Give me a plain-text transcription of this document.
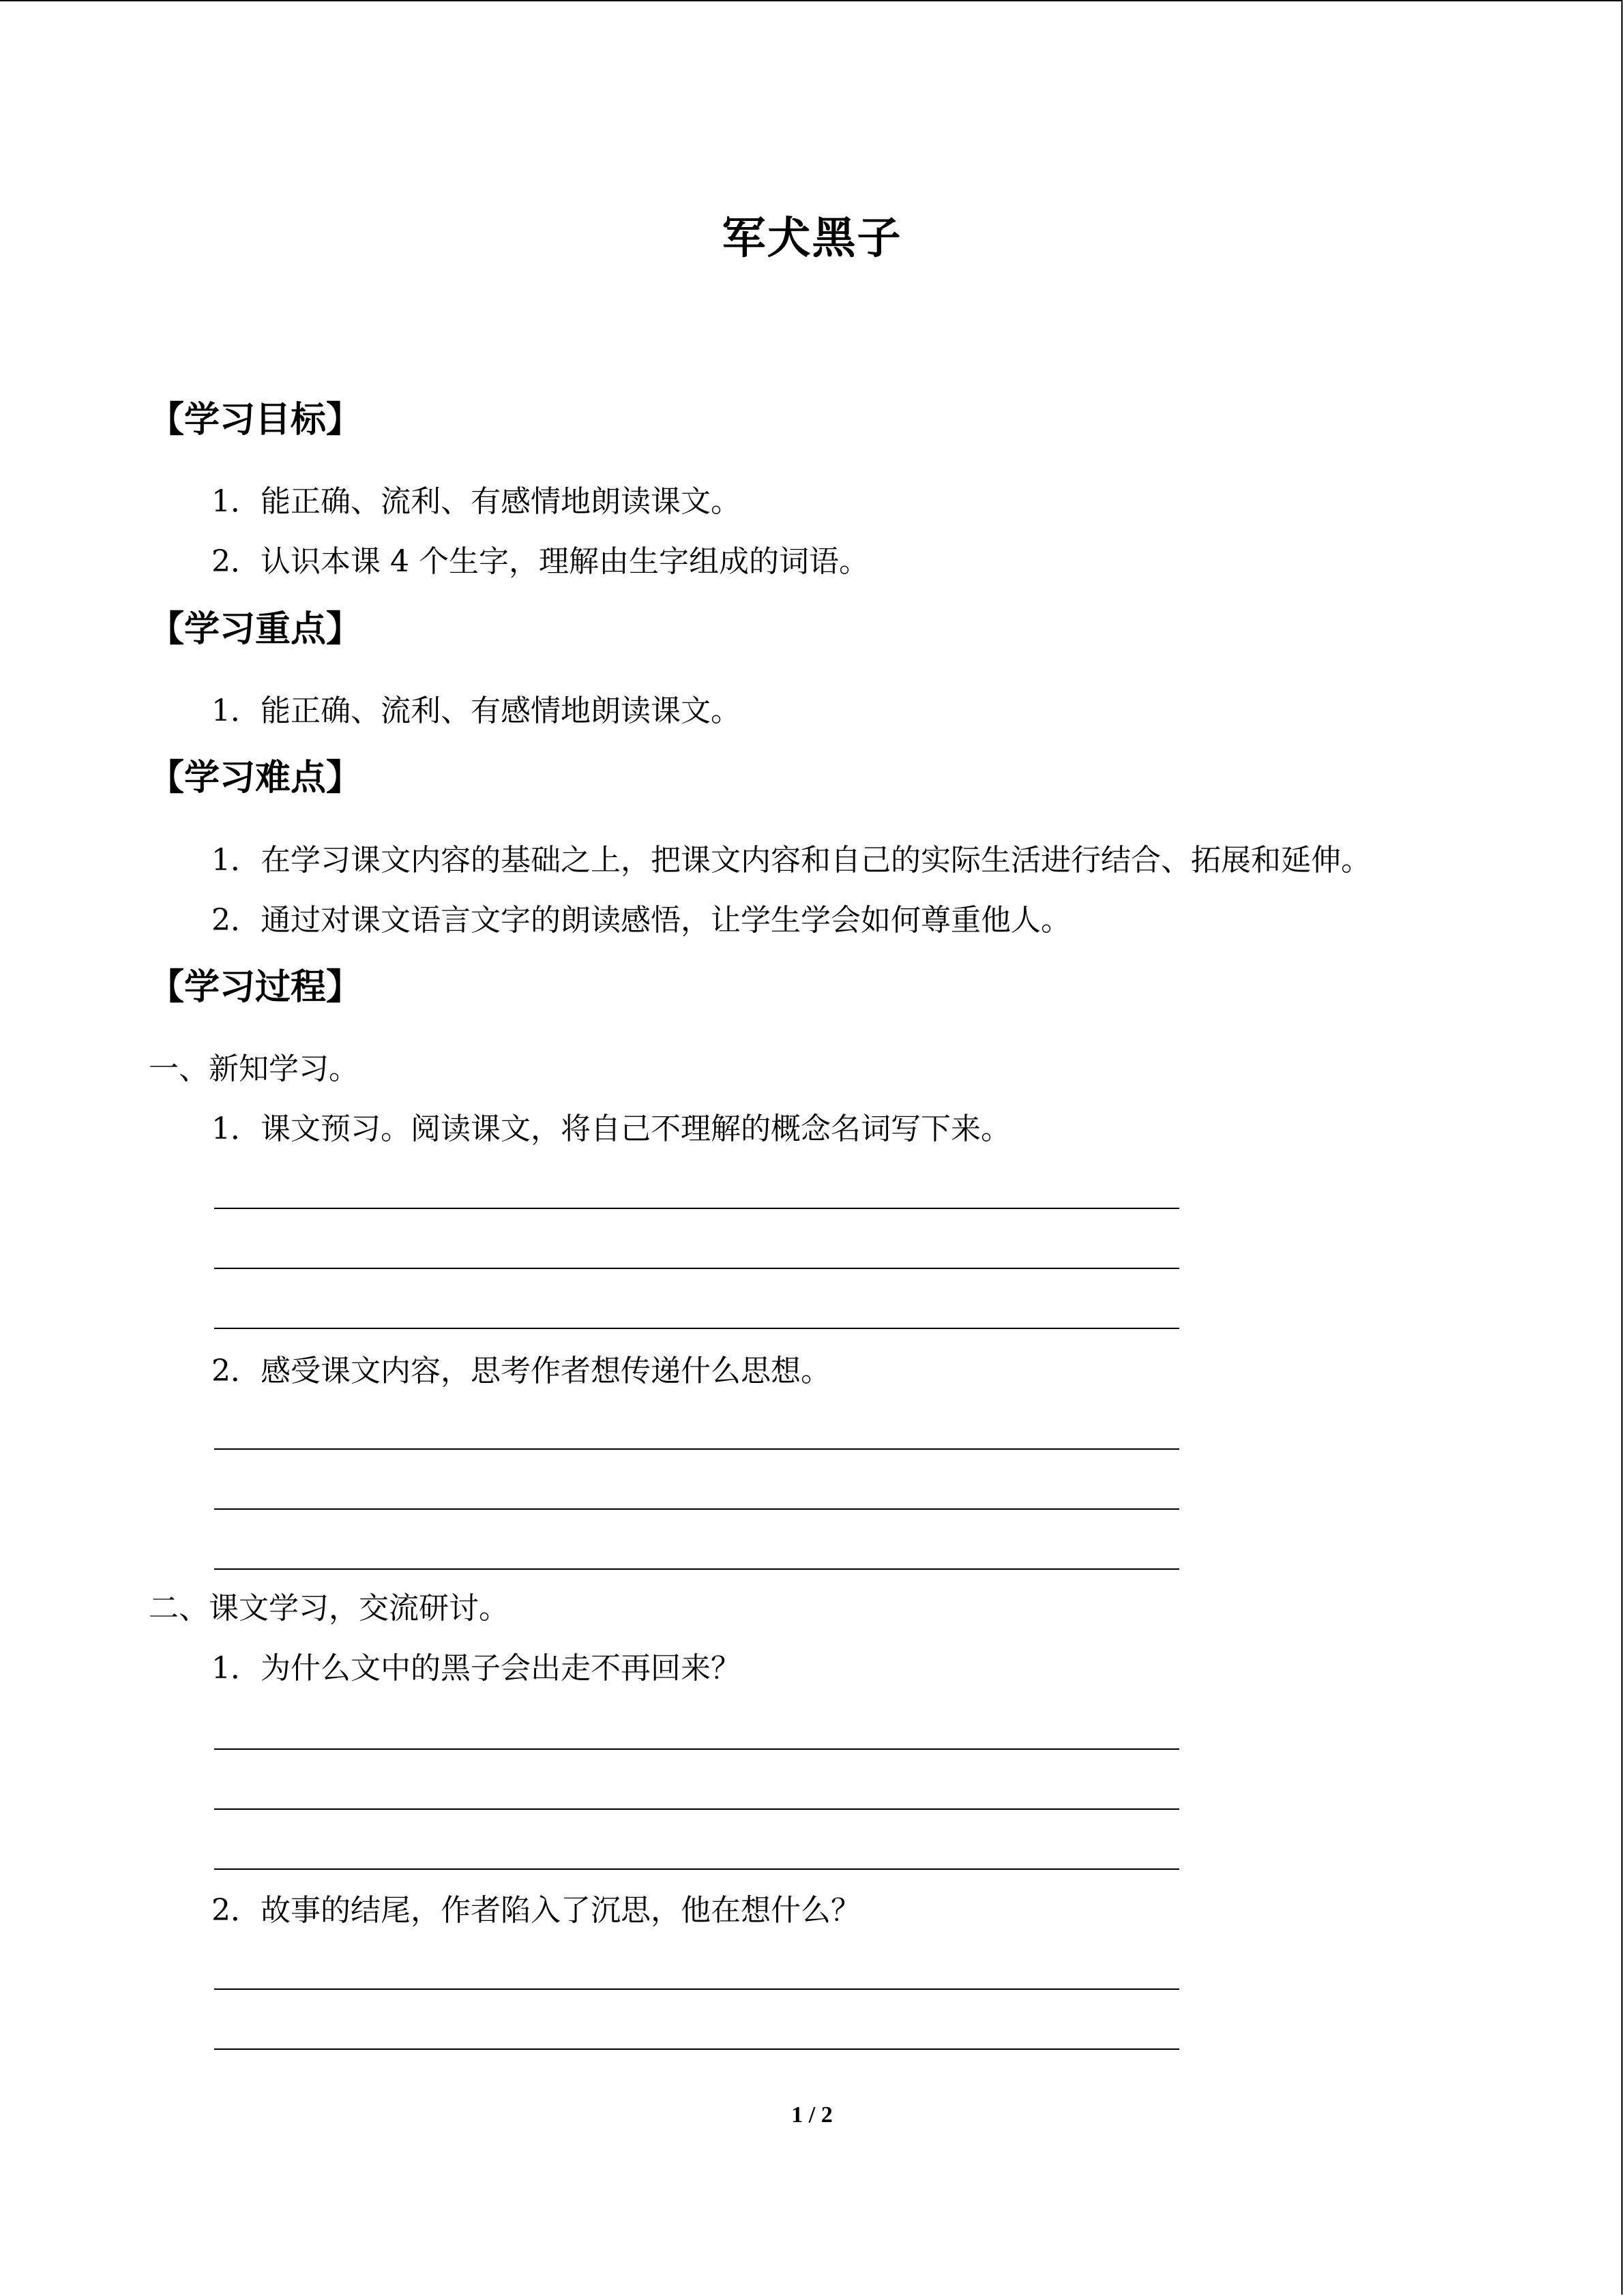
军犬黑子
【学习目标】
1．能正确、流利、有感情地朗读课文。
2．认识本课 4 个生字，理解由生字组成的词语。
【学习重点】
1．能正确、流利、有感情地朗读课文。
【学习难点】
1．在学习课文内容的基础之上，把课文内容和自己的实际生活进行结合、拓展和延伸。
2．通过对课文语言文字的朗读感悟，让学生学会如何尊重他人。
【学习过程】
一、新知学习。
1．课文预习。阅读课文，将自己不理解的概念名词写下来。
2．感受课文内容，思考作者想传递什么思想。
二、课文学习，交流研讨。
1．为什么文中的黑子会出走不再回来？
2．故事的结尾，作者陷入了沉思，他在想什么？
1 / 2
